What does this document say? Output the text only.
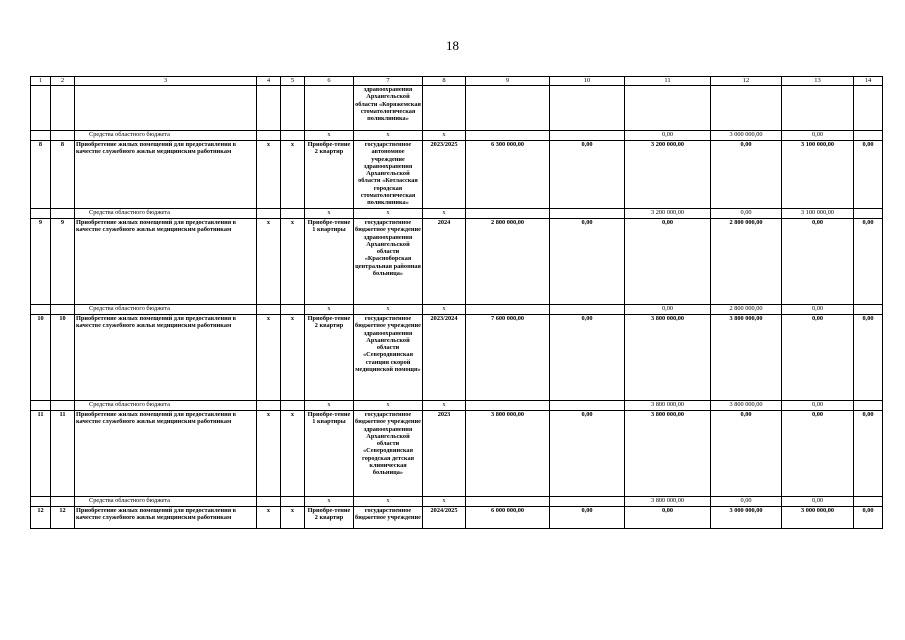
18
1	2	3	4	5	6	7	8	9	10	11	12	13	14
						здравоохранения Архангельской области «Коряжемская стоматологическая поликлиника»							
		Средства областного бюджета			х	х	х			0,00	3 000 000,00	0,00	
8	8	Приобретение жилых помещений для предоставления в качестве служебного жилья медицинским работникам	х	х	Приобре-тение 2 квартир	государственное автономное учреждение здравоохранения Архангельской области «Котласская городская стоматологическая поликлиника»	2023/2025	6 300 000,00	0,00	3 200 000,00	0,00	3 100 000,00	0,00
		Средства областного бюджета			х	х	х			3 200 000,00	0,00	3 100 000,00	
9	9	Приобретение жилых помещений для предоставления в качестве служебного жилья медицинским работникам	х	х	Приобре-тение 1 квартиры	государственное бюджетное учреждение здравоохранения Архангельской области «Красноборская центральная районная больница»	2024	2 800 000,00	0,00	0,00	2 800 000,00	0,00	0,00
		Средства областного бюджета			х	х	х			0,00	2 800 000,00	0,00	
10	10	Приобретение жилых помещений для предоставления в качестве служебного жилья медицинским работникам	х	х	Приобре-тение 2 квартир	государственное бюджетное учреждение здравоохранения Архангельской области «Северодвинская станция скорой медицинской помощи»	2023/2024	7 600 000,00	0,00	3 800 000,00	3 800 000,00	0,00	0,00
		Средства областного бюджета			х	х	х			3 800 000,00	3 800 000,00	0,00	
11	11	Приобретение жилых помещений для предоставления в качестве служебного жилья медицинским работникам	х	х	Приобре-тение 1 квартиры	государственное бюджетное учреждение здравоохранения Архангельской области «Северодвинская городская детская клиническая больница»	2023	3 800 000,00	0,00	3 800 000,00	0,00	0,00	0,00
		Средства областного бюджета			х	х	х			3 800 000,00	0,00	0,00	
12	12	Приобретение жилых помещений для предоставления в качестве служебного жилья медицинским работникам	х	х	Приобре-тение 2 квартир	государственное бюджетное учреждение	2024/2025	6 000 000,00	0,00	0,00	3 000 000,00	3 000 000,00	0,00
